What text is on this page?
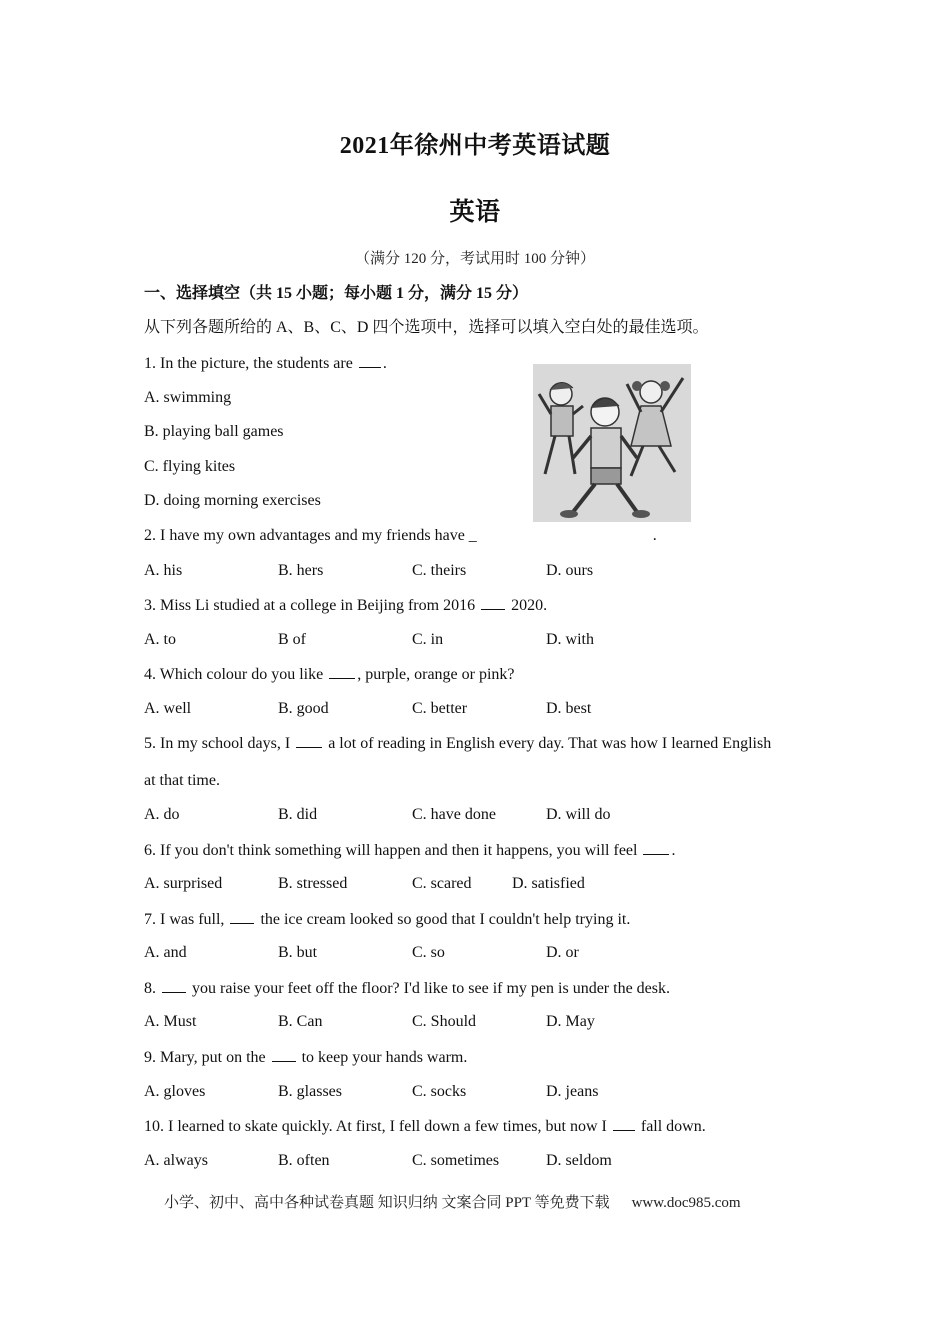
2021年徐州中考英语试题
英语
（满分 120 分，考试用时 100 分钟）
一、选择填空（共 15 小题；每小题 1 分，满分 15 分）
从下列各题所给的 A、B、C、D 四个选项中，选择可以填入空白处的最佳选项。
1. In the picture, the students are .
A. swimming
B. playing ball games
C. flying kites
D. doing morning exercises
2. I have my own advantages and my friends have _	.
A. his	B. hers	C. theirs	D. ours
3. Miss Li studied at a college in Beijing from 2016  2020.
A. to	B of	C. in	D. with
4. Which colour do you like , purple, orange or pink?
A. well	B. good	C. better	D. best
5. In my school days, I  a lot of reading in English every day. That was how I learned English
at that time.
A. do	B. did	C. have done	D. will do
6. If you don't think something will happen and then it happens, you will feel .
A. surprised	B. stressed	C. scared	D. satisfied
7. I was full,  the ice cream looked so good that I couldn't help trying it.
A. and	B. but	C. so	D. or
8.  you raise your feet off the floor? I'd like to see if my pen is under the desk.
A. Must	B. Can	C. Should	D. May
9. Mary, put on the  to keep your hands warm.
A. gloves	B. glasses	C. socks	D. jeans
10. I learned to skate quickly. At first, I fell down a few times, but now I  fall down.
A. always	B. often	C. sometimes	D. seldom
小学、初中、高中各种试卷真题 知识归纳 文案合同 PPT 等免费下载 www.doc985.com
